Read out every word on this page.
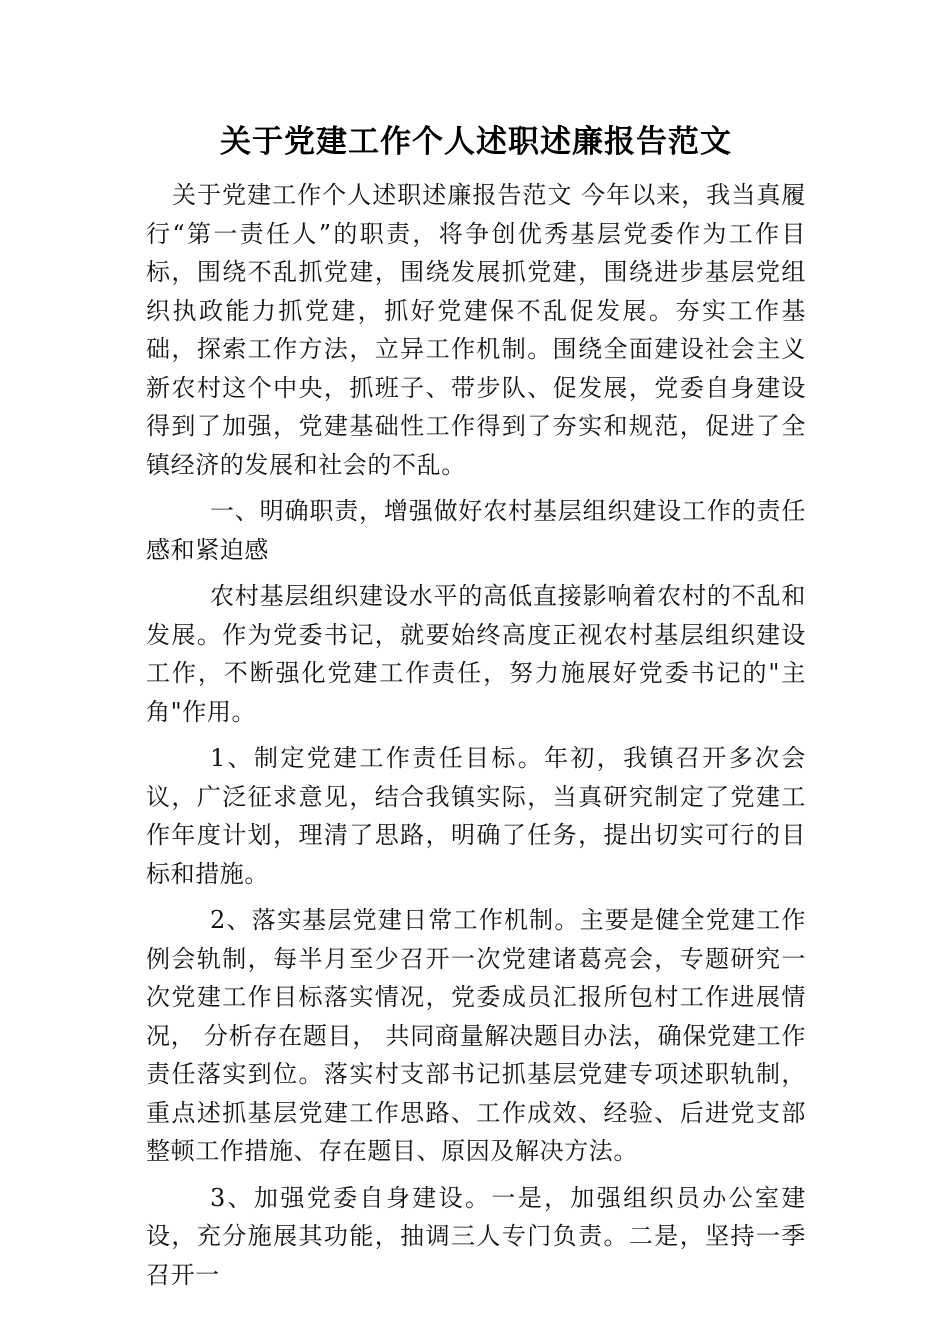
关于党建工作个人述职述廉报告范文

关于党建工作个人述职述廉报告范文 今年以来，我当真履行“第一责任人”的职责，将争创优秀基层党委作为工作目标，围绕不乱抓党建，围绕发展抓党建，围绕进步基层党组织执政能力抓党建，抓好党建保不乱促发展。夯实工作基础，探索工作方法，立异工作机制。围绕全面建设社会主义新农村这个中央，抓班子、带步队、促发展，党委自身建设得到了加强，党建基础性工作得到了夯实和规范，促进了全镇经济的发展和社会的不乱。

一、明确职责，增强做好农村基层组织建设工作的责任感和紧迫感

农村基层组织建设水平的高低直接影响着农村的不乱和发展。作为党委书记，就要始终高度正视农村基层组织建设工作，不断强化党建工作责任，努力施展好党委书记的"主角"作用。

1、制定党建工作责任目标。年初，我镇召开多次会议，广泛征求意见，结合我镇实际，当真研究制定了党建工作年度计划，理清了思路，明确了任务，提出切实可行的目标和措施。

2、落实基层党建日常工作机制。主要是健全党建工作例会轨制，每半月至少召开一次党建诸葛亮会，专题研究一次党建工作目标落实情况，党委成员汇报所包村工作进展情况， 分析存在题目， 共同商量解决题目办法，确保党建工作责任落实到位。落实村支部书记抓基层党建专项述职轨制，重点述抓基层党建工作思路、工作成效、经验、后进党支部整顿工作措施、存在题目、原因及解决方法。

3、加强党委自身建设。一是，加强组织员办公室建设，充分施展其功能，抽调三人专门负责。二是，坚持一季召开一
